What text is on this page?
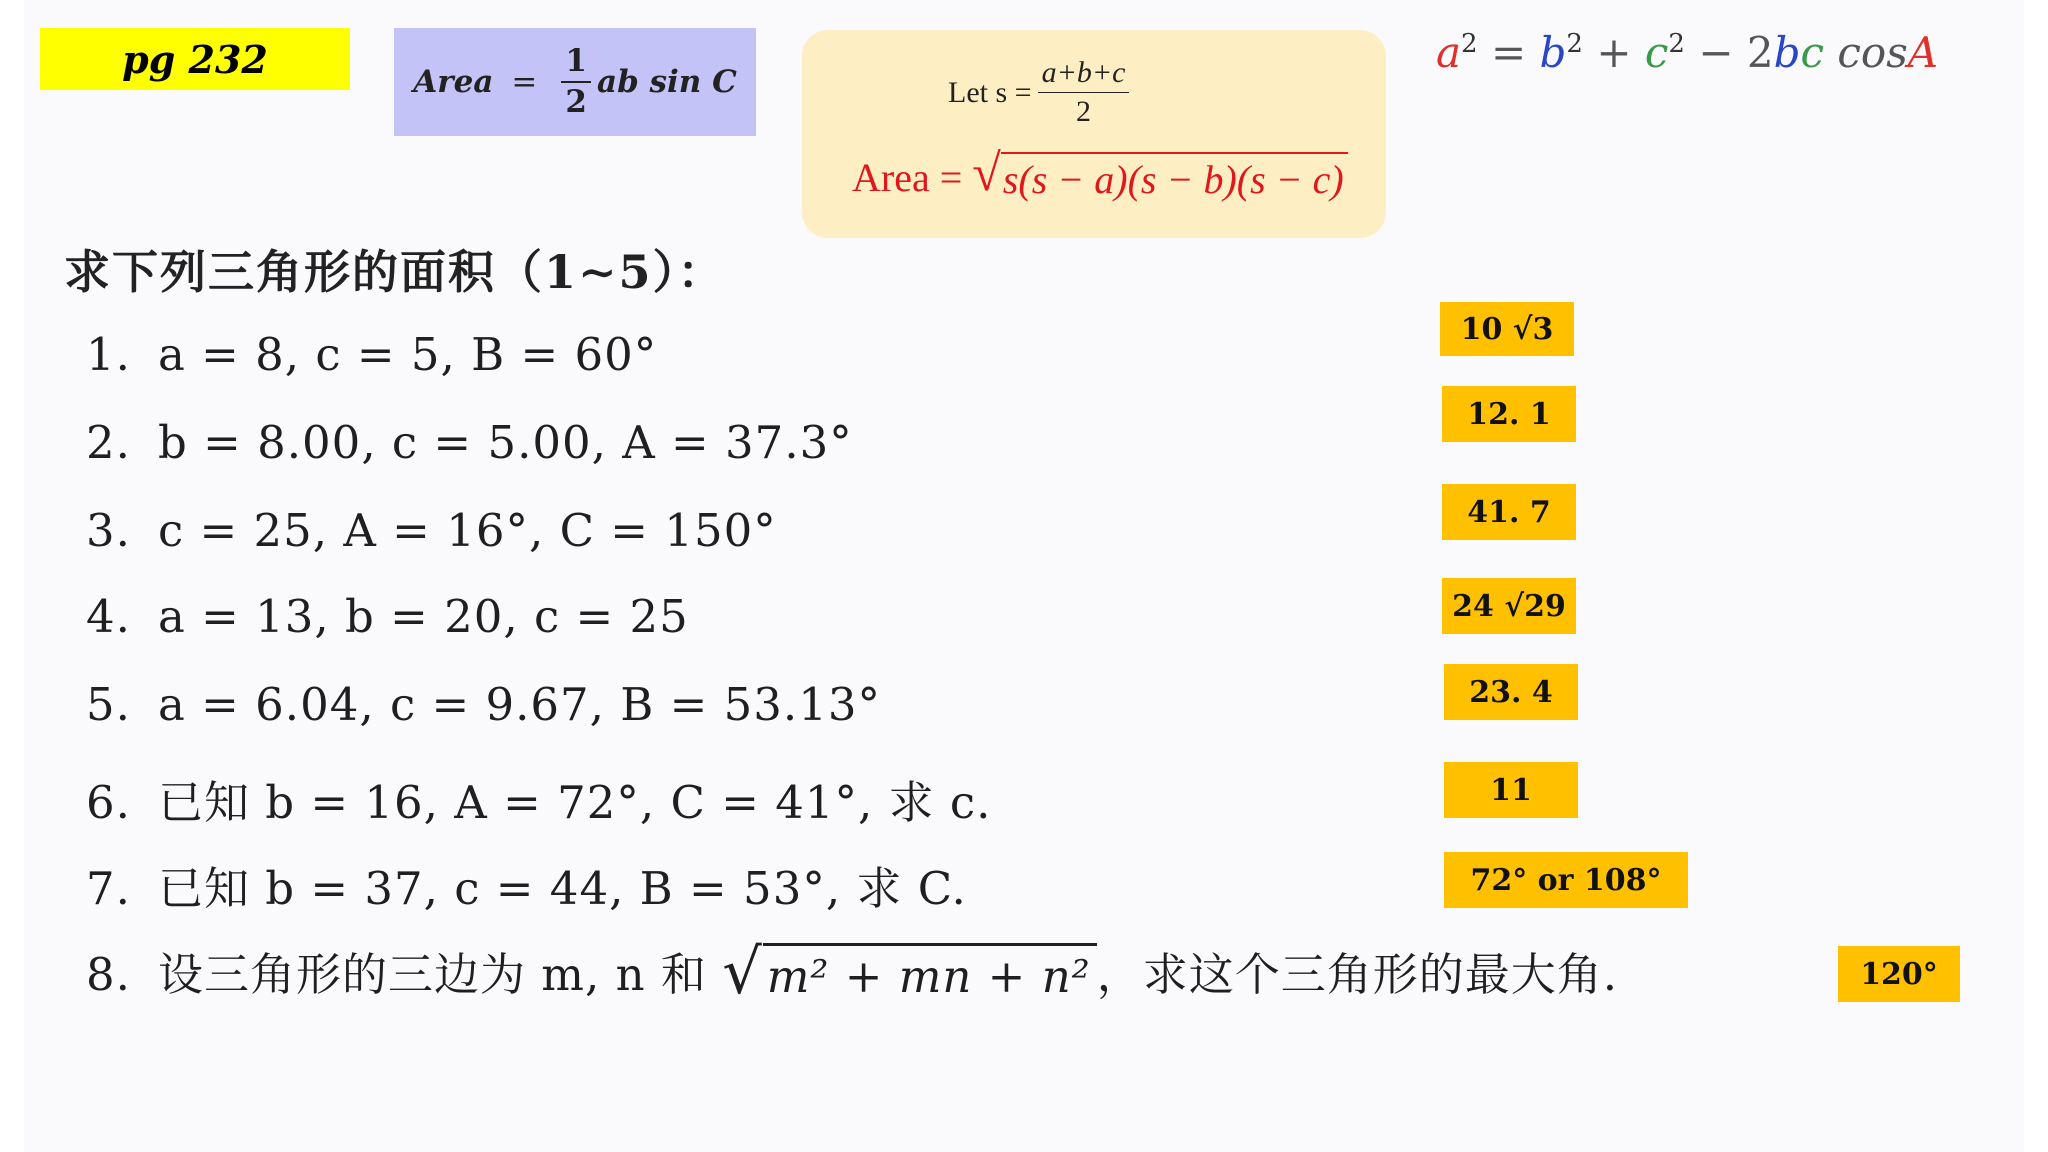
pg 232
Area = $\frac{1}{2}$ ab sin C	Let $s = \frac{a+b+c}{2}$
Area = √ s(s − a)(s − b)(s − c)
$a^2 = b^2 + c^2 - 2bc$ cosA
求下列三角形的面积（1∼5）：
1. a = 8, c = 5, B = 60°
2. b = 8.00, c = 5.00, A = 37.3°
3. c = 25, A = 16°, C = 150°
4. a = 13, b = 20, c = 25
5. a = 6.04, c = 9.67, B = 53.13°
6. 已知 b = 16, A = 72°, C = 41°, 求 c.
7. 已知 b = 37, c = 44, B = 53°, 求 C.
8. 设三角形的三边为 m, n 和 √ m² + mn + n² ，求这个三角形的最大角.
10 √3
12. 1
41. 7
24 √29
23. 4
11
72° or 108°
120°
